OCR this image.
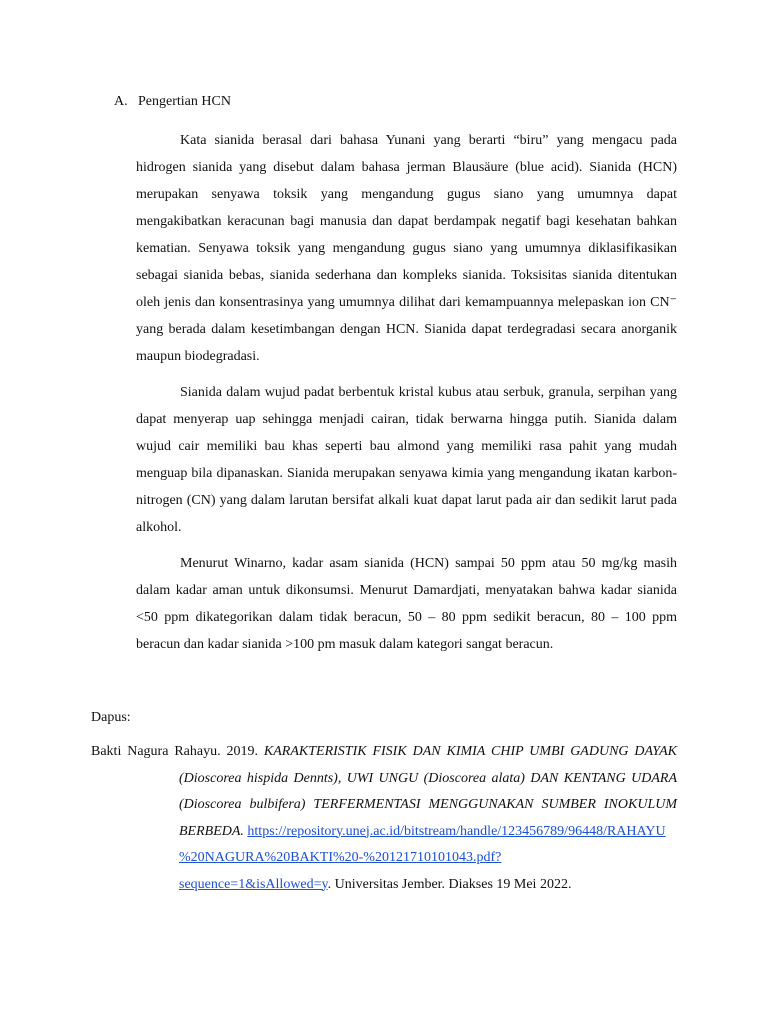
A. Pengertian HCN

Kata sianida berasal dari bahasa Yunani yang berarti “biru” yang mengacu pada hidrogen sianida yang disebut dalam bahasa jerman Blausäure (blue acid). Sianida (HCN) merupakan senyawa toksik yang mengandung gugus siano yang umumnya dapat mengakibatkan keracunan bagi manusia dan dapat berdampak negatif bagi kesehatan bahkan kematian. Senyawa toksik yang mengandung gugus siano yang umumnya diklasifikasikan sebagai sianida bebas, sianida sederhana dan kompleks sianida. Toksisitas sianida ditentukan oleh jenis dan konsentrasinya yang umumnya dilihat dari kemampuannya melepaskan ion CN⁻ yang berada dalam kesetimbangan dengan HCN. Sianida dapat terdegradasi secara anorganik maupun biodegradasi.

Sianida dalam wujud padat berbentuk kristal kubus atau serbuk, granula, serpihan yang dapat menyerap uap sehingga menjadi cairan, tidak berwarna hingga putih. Sianida dalam wujud cair memiliki bau khas seperti bau almond yang memiliki rasa pahit yang mudah menguap bila dipanaskan. Sianida merupakan senyawa kimia yang mengandung ikatan karbon-nitrogen (CN) yang dalam larutan bersifat alkali kuat dapat larut pada air dan sedikit larut pada alkohol.

Menurut Winarno, kadar asam sianida (HCN) sampai 50 ppm atau 50 mg/kg masih dalam kadar aman untuk dikonsumsi. Menurut Damardjati, menyatakan bahwa kadar sianida <50 ppm dikategorikan dalam tidak beracun, 50 – 80 ppm sedikit beracun, 80 – 100 ppm beracun dan kadar sianida >100 pm masuk dalam kategori sangat beracun.

Dapus:
Bakti Nagura Rahayu. 2019. KARAKTERISTIK FISIK DAN KIMIA CHIP UMBI GADUNG DAYAK (Dioscorea hispida Dennts), UWI UNGU (Dioscorea alata) DAN KENTANG UDARA (Dioscorea bulbifera) TERFERMENTASI MENGGUNAKAN SUMBER INOKULUM BERBEDA. https://repository.unej.ac.id/bitstream/handle/123456789/96448/RAHAYU
%20NAGURA%20BAKTI%20-%20121710101043.pdf?
sequence=1&isAllowed=y. Universitas Jember. Diakses 19 Mei 2022.
